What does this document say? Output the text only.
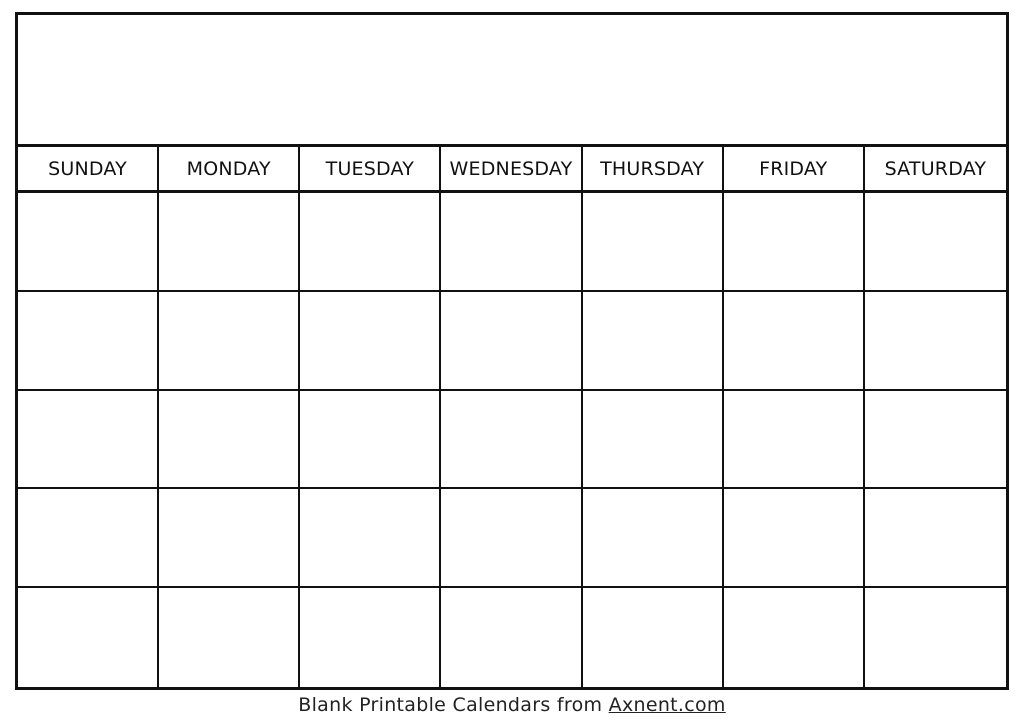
SUNDAY	MONDAY	TUESDAY	WEDNESDAY	THURSDAY	FRIDAY	SATURDAY
Blank Printable Calendars from Axnent.com
